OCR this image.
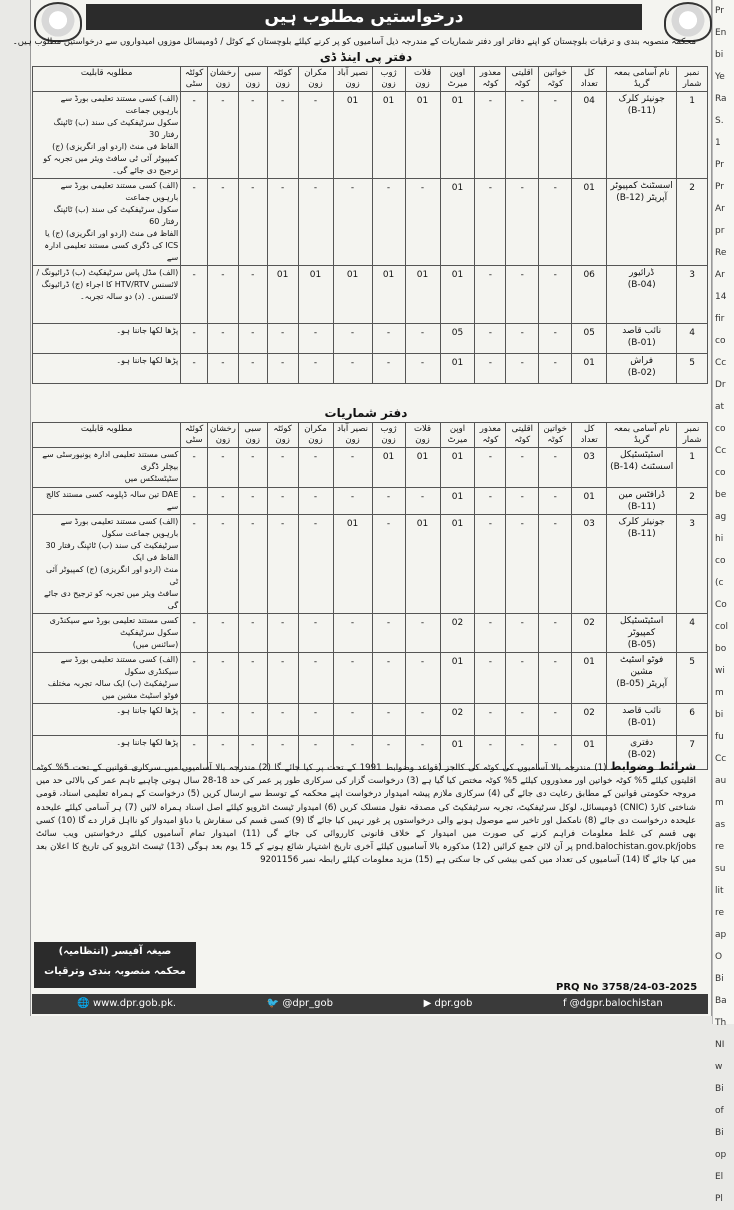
درخواستیں مطلوب ہیں
محکمہ منصوبہ بندی و ترقیات بلوچستان کو اپنے دفاتر اور دفتر شماریات کے مندرجہ ذیل آسامیوں کو پر کرنے کیلئے بلوچستان کے کوٹل / ڈومیسائل موزوں امیدواروں سے درخواستیں مطلوب ہیں۔
دفتر پی اینڈ ڈی
نمبر شمار	نام آسامی بمعہ گریڈ	کل تعداد	خواتین کوٹہ	اقلیتی کوٹہ	معذور کوٹہ	اوپن میرٹ	قلات زون	ژوب زون	نصیر آباد زون	مکران زون	کوئٹہ زون	سبی زون	رخشان زون	کوئٹہ سٹی	مطلوبہ قابلیت
1	جونیئر کلرک
(B-11)	04	-	-	-	01	01	01	01	-	-	-	-	-	(الف) کسی مستند تعلیمی بورڈ سے بارہویں جماعت
سکول سرٹیفکیٹ کی سند (ب) ٹائپنگ رفتار 30
الفاظ فی منٹ (اردو اور انگریزی) (ج)
کمپیوٹر آئی ٹی سافٹ ویئر میں تجربہ کو ترجیح دی جائے گی۔
2	اسسٹنٹ کمپیوٹر
آپریٹر (B-12)	01	-	-	-	01	-	-	-	-	-	-	-	-	(الف) کسی مستند تعلیمی بورڈ سے بارہویں جماعت
سکول سرٹیفکیٹ کی سند (ب) ٹائپنگ رفتار 60
الفاظ فی منٹ (اردو اور انگریزی) (ج) یا
ICS کی ڈگری کسی مستند تعلیمی ادارہ سے
3	ڈرائیور
(B-04)	06	-	-	-	01	01	01	01	01	01	-	-	-	(الف) مڈل پاس سرٹیفکیٹ (ب) ڈرائیونگ /
لائسنس HTV/RTV کا اجراء (ج) ڈرائیونگ
لائسنس۔ (د) دو سالہ تجربہ۔
4	نائب قاصد
(B-01)	05	-	-	-	05	-	-	-	-	-	-	-	-	پڑھا لکھا جاننا ہو۔
5	فراش
(B-02)	01	-	-	-	01	-	-	-	-	-	-	-	-	پڑھا لکھا جاننا ہو۔
دفتر شماریات
نمبر شمار	نام آسامی بمعہ گریڈ	کل تعداد	خواتین کوٹہ	اقلیتی کوٹہ	معذور کوٹہ	اوپن میرٹ	قلات زون	ژوب زون	نصیر آباد زون	مکران زون	کوئٹہ زون	سبی زون	رخشان زون	کوئٹہ سٹی	مطلوبہ قابلیت
1	اسٹیٹسٹیکل
اسسٹنٹ (B-14)	03	-	-	-	01	01	01	-	-	-	-	-	-	کسی مستند تعلیمی ادارہ یونیورسٹی سے بیچلر ڈگری
سٹیٹسٹکس میں
2	ڈرافٹس مین
(B-11)	01	-	-	-	01	-	-	-	-	-	-	-	-	DAE تین سالہ ڈپلومہ کسی مستند کالج سے
3	جونیئر کلرک
(B-11)	03	-	-	-	01	01	-	01	-	-	-	-	-	(الف) کسی مستند تعلیمی بورڈ سے بارہویں جماعت سکول
سرٹیفکیٹ کی سند (ب) ٹائپنگ رفتار 30 الفاظ فی ایک
منٹ (اردو اور انگریزی) (ج) کمپیوٹر آئی ٹی
سافٹ ویئر میں تجربہ کو ترجیح دی جائے گی
4	اسٹیٹسٹیکل کمپیوٹر
(B-05)	02	-	-	-	02	-	-	-	-	-	-	-	-	کسی مستند تعلیمی بورڈ سے سیکنڈری سکول سرٹیفکیٹ
(سائنس میں)
5	فوٹو اسٹیٹ مشین
آپریٹر (B-05)	01	-	-	-	01	-	-	-	-	-	-	-	-	(الف) کسی مستند تعلیمی بورڈ سے سیکنڈری سکول
سرٹیفکیٹ (ب) ایک سالہ تجربہ مختلف فوٹو اسٹیٹ مشین میں
6	نائب قاصد
(B-01)	02	-	-	-	02	-	-	-	-	-	-	-	-	پڑھا لکھا جاننا ہو۔
7	دفتری
(B-02)	01	-	-	-	01	-	-	-	-	-	-	-	-	پڑھا لکھا جاننا ہو۔
شرائط وضوابط (1) مندرجہ بالا آسامیوں کی کوٹہ کی کالجز (قواعد وضوابط 1991 کے تحت پر کیا جائے گا (2) مندرجہ بالا آسامیوں میں سرکاری قوانین کے تحت 5% کوٹہ اقلیتوں کیلئے 5% کوٹہ خواتین اور معذوروں کیلئے 5% کوٹہ مختص کیا گیا ہے (3) درخواست گزار کی سرکاری طور پر عمر کی حد 18-28 سال ہوتی چاہیے تاہم عمر کی بالائی حد میں مروجہ حکومتی قوانین کے مطابق رعایت دی جائے گی (4) سرکاری ملازم پیشہ امیدوار درخواست اپنے محکمہ کے توسط سے ارسال کریں (5) درخواست کے ہمراہ تعلیمی اسناد، قومی شناختی کارڈ (CNIC) ڈومیسائل، لوکل سرٹیفکیٹ، تجربہ سرٹیفکیٹ کی مصدقہ نقول منسلک کریں (6) امیدوار ٹیسٹ انٹرویو کیلئے اصل اسناد ہمراہ لائیں (7) ہر آسامی کیلئے علیحدہ علیحدہ درخواست دی جائے (8) نامکمل اور تاخیر سے موصول ہونے والی درخواستوں پر غور نہیں کیا جائے گا (9) کسی قسم کی سفارش یا دباؤ امیدوار کو نااہل قرار دے گا (10) کسی بھی قسم کی غلط معلومات فراہم کرنے کی صورت میں امیدوار کے خلاف قانونی کارروائی کی جائے گی (11) امیدوار تمام آسامیوں کیلئے درخواستیں ویب سائٹ pnd.balochistan.gov.pk/jobs پر آن لائن جمع کرائیں (12) مذکورہ بالا آسامیوں کیلئے آخری تاریخ اشتہار شائع ہونے کے 15 یوم بعد ہوگی (13) ٹیسٹ انٹرویو کی تاریخ کا اعلان بعد میں کیا جائے گا (14) آسامیوں کی تعداد میں کمی بیشی کی جا سکتی ہے (15) مزید معلومات کیلئے رابطہ نمبر 9201156
صیغہ آفیسر (انتظامیہ)
محکمہ منصوبہ بندی وترقیات
PRQ No 3758/24-03-2025
🌐 www.dpr.gob.pk.	🐦 @dpr_gob	▶ dpr.gob	f @dgpr.balochistan
Pr
En
bi
Ye
Ra
S.
1
Pr
Pr
Ar
pr
Re
Ar
14
fir
co
Cc
Dr
at
co
Cc
co
be
ag
hi
co
(c
Co
col
bo
wi
m
bi
fu
Cc
au
m
as
re
su
lit
re
ap
O
Bi
Ba
Th
NI
w
Bi
of
Bi
op
El
Pl
